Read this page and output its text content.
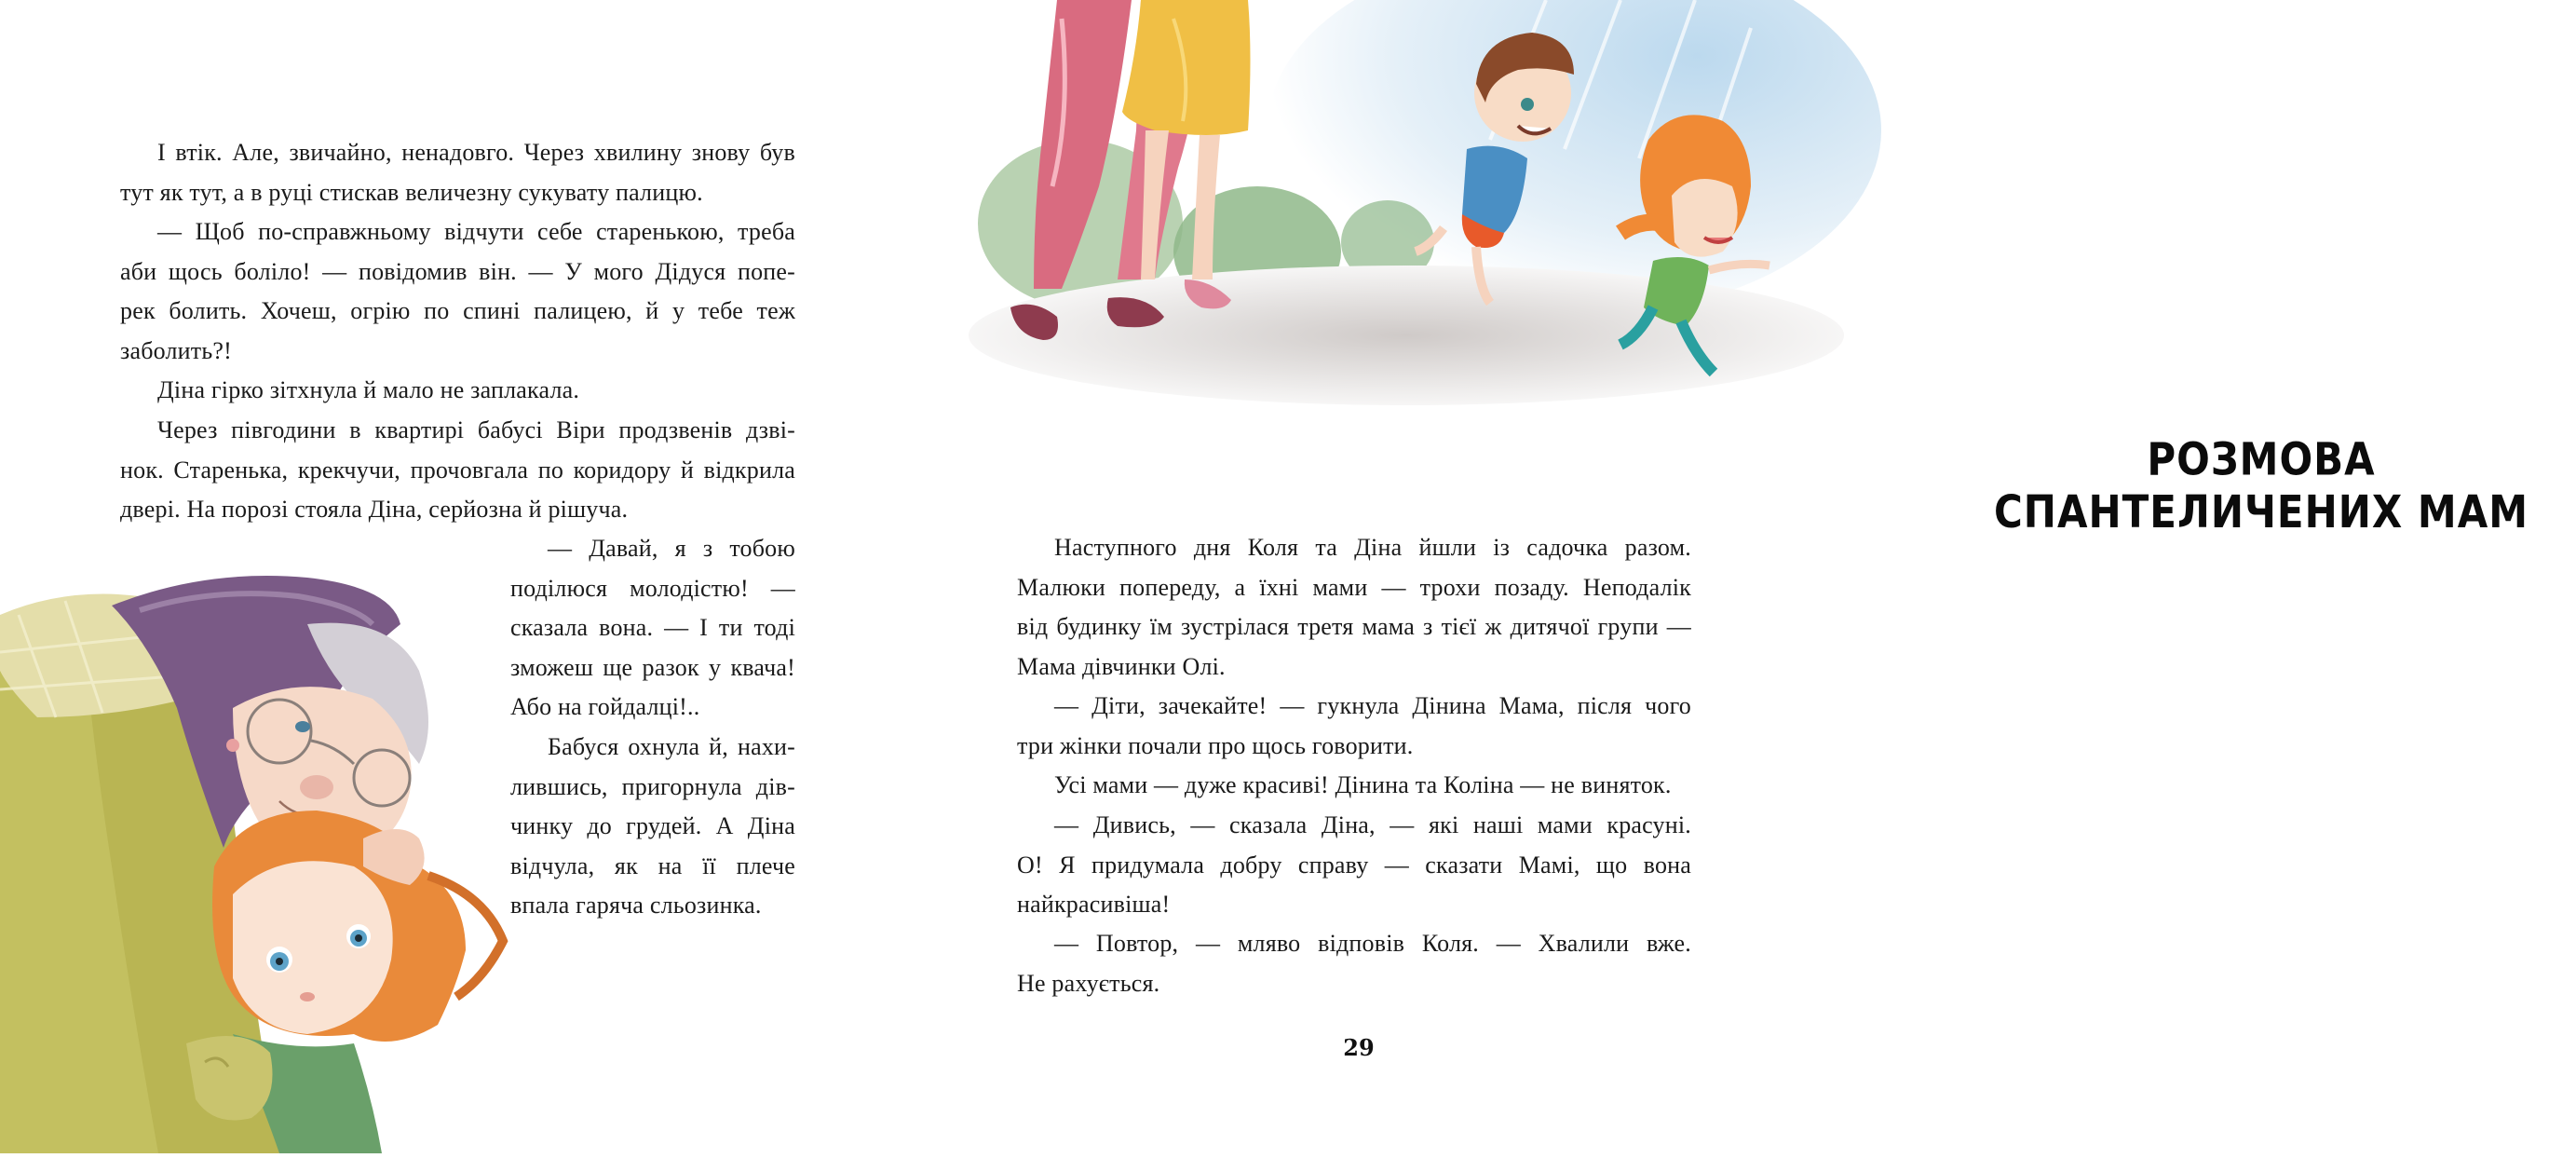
І втік. Але, звичайно, ненадовго. Через хвилину знову був
тут як тут, а в руці стискав величезну сукувату палицю.
— Щоб по-справжньому відчути себе старенькою, треба
аби щось боліло! — повідомив він. — У мого Дідуся попе-
рек болить. Хочеш, огрію по спині палицею, й у тебе теж
заболить?!
Діна гірко зітхнула й мало не заплакала.
Через півгодини в квартирі бабусі Віри продзвенів дзві-
нок. Старенька, крекчучи, прочовгала по коридору й відкрила
двері. На порозі стояла Діна, серйозна й рішуча.
— Давай, я з тобою
поділюся молодістю! —
сказала вона. — І ти тоді
зможеш ще разок у квача!
Або на гойдалці!..
Бабуся охнула й, нахи-
лившись, пригорнула дів-
чинку до грудей. А Діна
відчула, як на її плече
впала гаряча сльозинка.
РОЗМОВА СПАНТЕЛИЧЕНИХ МАМ
Наступного дня Коля та Діна йшли із садочка разом.
Малюки попереду, а їхні мами — трохи позаду. Неподалік
від будинку їм зустрілася третя мама з тієї ж дитячої групи —
Мама дівчинки Олі.
— Діти, зачекайте! — гукнула Дінина Мама, після чого
три жінки почали про щось говорити.
Усі мами — дуже красиві! Дінина та Коліна — не виняток.
— Дивись, — сказала Діна, — які наші мами красуні.
О! Я придумала добру справу — сказати Мамі, що вона
найкрасивіша!
— Повтор, — мляво відповів Коля. — Хвалили вже.
Не рахується.
29
